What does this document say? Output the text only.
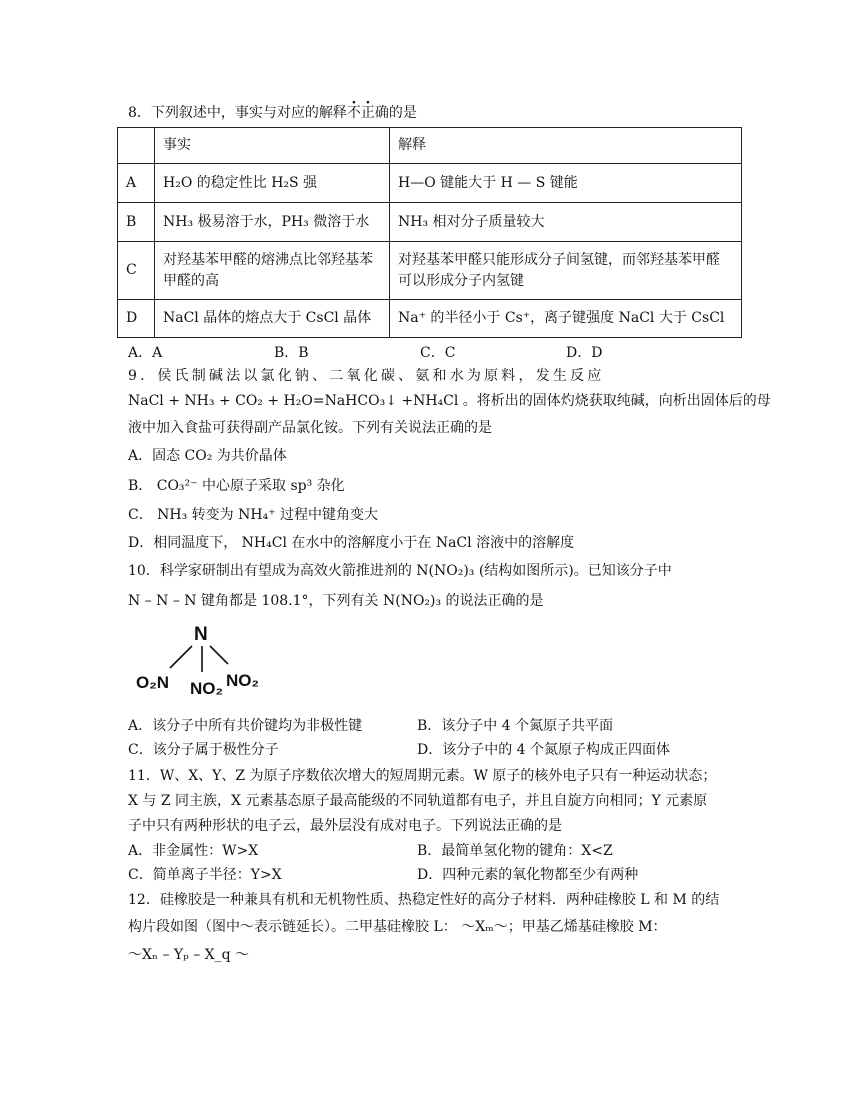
8．下列叙述中，事实与对应的解释不正确的是
	事实	解释
A	H₂O 的稳定性比 H₂S 强	H—O 键能大于 H — S 键能
B	NH₃ 极易溶于水，PH₃ 微溶于水	NH₃ 相对分子质量较大
C	对羟基苯甲醛的熔沸点比邻羟基苯甲醛的高	对羟基苯甲醛只能形成分子间氢键，而邻羟基苯甲醛可以形成分子内氢键
D	NaCl 晶体的熔点大于 CsCl 晶体	Na⁺ 的半径小于 Cs⁺，离子键强度 NaCl 大于 CsCl
A．A	B．B	C．C	D．D
9．侯氏制碱法以氯化钠、二氧化碳、氨和水为原料，发生反应
NaCl + NH₃ + CO₂ + H₂O=NaHCO₃↓ +NH₄Cl 。将析出的固体灼烧获取纯碱，向析出固体后的母
液中加入食盐可获得副产品氯化铵。下列有关说法正确的是
A．固态 CO₂ 为共价晶体
B． CO₃²⁻ 中心原子采取 sp³ 杂化
C． NH₃ 转变为 NH₄⁺ 过程中键角变大
D．相同温度下， NH₄Cl 在水中的溶解度小于在 NaCl 溶液中的溶解度
10．科学家研制出有望成为高效火箭推进剂的 N(NO₂)₃ (结构如图所示)。已知该分子中
N – N – N 键角都是 108.1°，下列有关 N(NO₂)₃ 的说法正确的是
N
O₂N NO₂ NO₂
A．该分子中所有共价键均为非极性键	B．该分子中 4 个氮原子共平面
C．该分子属于极性分子	D．该分子中的 4 个氮原子构成正四面体
11．W、X、Y、Z 为原子序数依次增大的短周期元素。W 原子的核外电子只有一种运动状态；
X 与 Z 同主族，X 元素基态原子最高能级的不同轨道都有电子，并且自旋方向相同；Y 元素原
子中只有两种形状的电子云，最外层没有成对电子。下列说法正确的是
A．非金属性：W>X	B．最简单氢化物的键角：X<Z
C．简单离子半径：Y>X	D．四种元素的氧化物都至少有两种
12．硅橡胶是一种兼具有机和无机物性质、热稳定性好的高分子材料．两种硅橡胶 L 和 M 的结
构片段如图（图中～表示链延长）。二甲基硅橡胶 L： ～Xₘ～；甲基乙烯基硅橡胶 M：
～Xₙ – Yₚ – X_q ～
